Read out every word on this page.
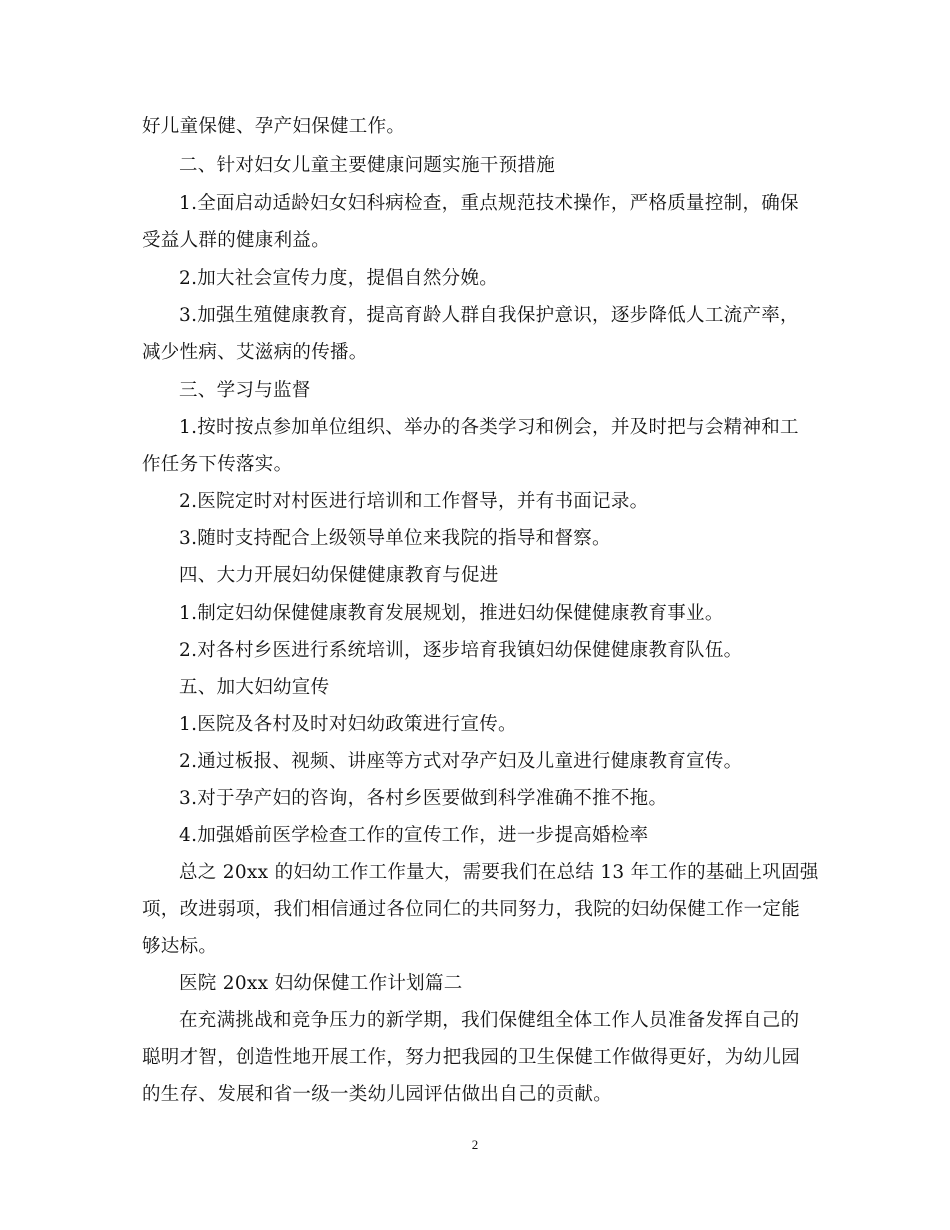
好儿童保健、孕产妇保健工作。
二、针对妇女儿童主要健康问题实施干预措施
1.全面启动适龄妇女妇科病检查，重点规范技术操作，严格质量控制，确保
受益人群的健康利益。
2.加大社会宣传力度，提倡自然分娩。
3.加强生殖健康教育，提高育龄人群自我保护意识，逐步降低人工流产率，
减少性病、艾滋病的传播。
三、学习与监督
1.按时按点参加单位组织、举办的各类学习和例会，并及时把与会精神和工
作任务下传落实。
2.医院定时对村医进行培训和工作督导，并有书面记录。
3.随时支持配合上级领导单位来我院的指导和督察。
四、大力开展妇幼保健健康教育与促进
1.制定妇幼保健健康教育发展规划，推进妇幼保健健康教育事业。
2.对各村乡医进行系统培训，逐步培育我镇妇幼保健健康教育队伍。
五、加大妇幼宣传
1.医院及各村及时对妇幼政策进行宣传。
2.通过板报、视频、讲座等方式对孕产妇及儿童进行健康教育宣传。
3.对于孕产妇的咨询，各村乡医要做到科学准确不推不拖。
4.加强婚前医学检查工作的宣传工作，进一步提高婚检率
总之 20xx 的妇幼工作工作量大，需要我们在总结 13 年工作的基础上巩固强
项，改进弱项，我们相信通过各位同仁的共同努力，我院的妇幼保健工作一定能
够达标。
医院 20xx 妇幼保健工作计划篇二
在充满挑战和竞争压力的新学期，我们保健组全体工作人员准备发挥自己的
聪明才智，创造性地开展工作，努力把我园的卫生保健工作做得更好，为幼儿园
的生存、发展和省一级一类幼儿园评估做出自己的贡献。
2
